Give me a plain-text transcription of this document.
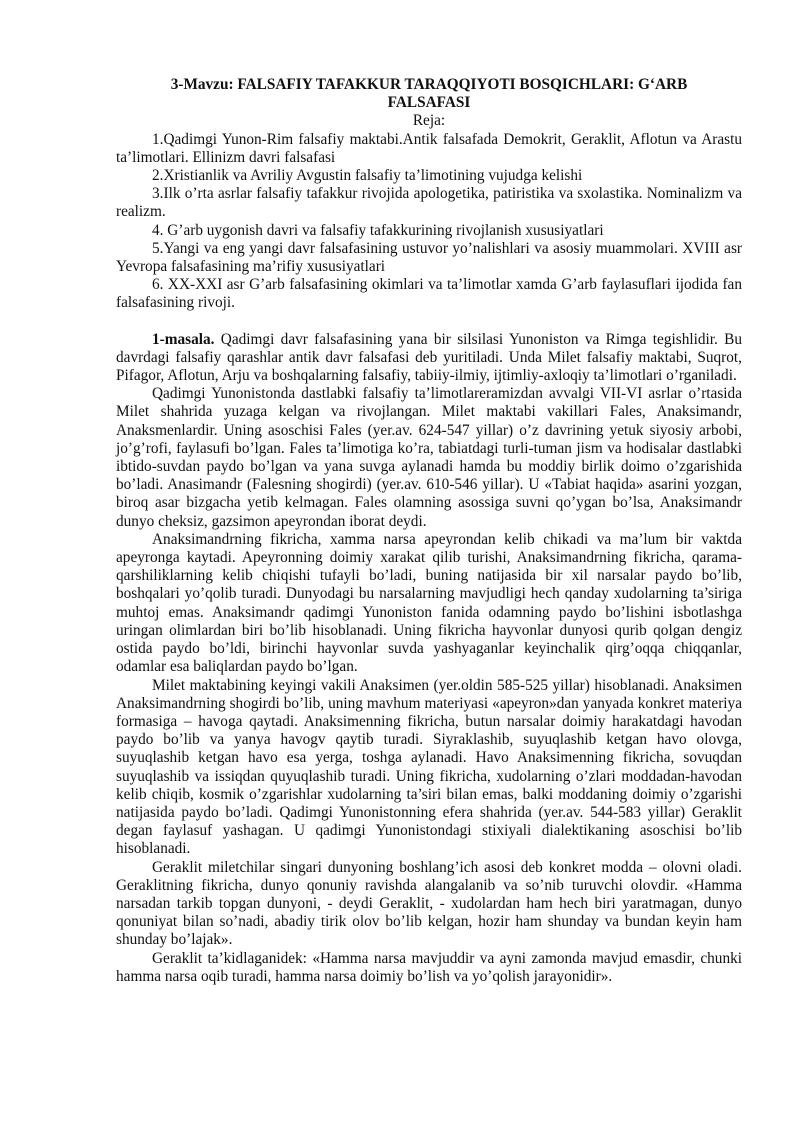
3-Mavzu: FALSAFIY TAFAKKUR TARAQQIYOTI BOSQICHLARI: G‘ARB FALSAFASI
Reja:

1.Qadimgi Yunon-Rim falsafiy maktabi.Antik falsafada Demokrit, Geraklit, Aflotun va Arastu ta’limotlari. Ellinizm davri falsafasi

2.Xristianlik va Avriliy Avgustin falsafiy ta’limotining vujudga kelishi

3.Ilk o’rta asrlar falsafiy tafakkur rivojida apologetika, patiristika va sxolastika. Nominalizm va realizm.

4. G’arb uygonish davri va falsafiy tafakkurining rivojlanish xususiyatlari

5.Yangi va eng yangi davr falsafasining ustuvor yo’nalishlari va asosiy muammolari. XVIII asr Yevropa falsafasining ma’rifiy xususiyatlari

6. XX-XXI asr G’arb falsafasining okimlari va ta’limotlar xamda G’arb faylasuflari ijodida fan falsafasining rivoji.

1-masala. Qadimgi davr falsafasining yana bir silsilasi Yunoniston va Rimga tegishlidir. Bu davrdagi falsafiy qarashlar antik davr falsafasi deb yuritiladi. Unda Milet falsafiy maktabi, Suqrot, Pifagor, Aflotun, Arju va boshqalarning falsafiy, tabiiy-ilmiy, ijtimliy-axloqiy ta’limotlari o’rganiladi.

Qadimgi Yunonistonda dastlabki falsafiy ta’limotlareramizdan avvalgi VII-VI asrlar o’rtasida Milet shahrida yuzaga kelgan va rivojlangan. Milet maktabi vakillari Fales, Anaksimandr, Anaksmenlardir. Uning asoschisi Fales (yer.av. 624-547 yillar) o’z davrining yetuk siyosiy arbobi, jo’g’rofi, faylasufi bo’lgan. Fales ta’limotiga ko’ra, tabiatdagi turli-tuman jism va hodisalar dastlabki ibtido-suvdan paydo bo’lgan va yana suvga aylanadi hamda bu moddiy birlik doimo o’zgarishida bo’ladi. Anasimandr (Falesning shogirdi) (yer.av. 610-546 yillar). U «Tabiat haqida» asarini yozgan, biroq asar bizgacha yetib kelmagan. Fales olamning asossiga suvni qo’ygan bo’lsa, Anaksimandr dunyo cheksiz, gazsimon apeyrondan iborat deydi.

Anaksimandrning fikricha, xamma narsa apeyrondan kelib chikadi va ma’lum bir vaktda apeyronga kaytadi. Apeyronning doimiy xarakat qilib turishi, Anaksimandrning fikricha, qarama-qarshiliklarning kelib chiqishi tufayli bo’ladi, buning natijasida bir xil narsalar paydo bo’lib, boshqalari yo’qolib turadi. Dunyodagi bu narsalarning mavjudligi hech qanday xudolarning ta’siriga muhtoj emas. Anaksimandr qadimgi Yunoniston fanida odamning paydo bo’lishini isbotlashga uringan olimlardan biri bo’lib hisoblanadi. Uning fikricha hayvonlar dunyosi qurib qolgan dengiz ostida paydo bo’ldi, birinchi hayvonlar suvda yashyaganlar keyinchalik qirg’oqqa chiqqanlar, odamlar esa baliqlardan paydo bo’lgan.

Milet maktabining keyingi vakili Anaksimen (yer.oldin 585-525 yillar) hisoblanadi. Anaksimen Anaksimandrning shogirdi bo’lib, uning mavhum materiyasi «apeyron»dan yanyada konkret materiya formasiga – havoga qaytadi. Anaksimenning fikricha, butun narsalar doimiy harakatdagi havodan paydo bo’lib va yanya havogv qaytib turadi. Siyraklashib, suyuqlashib ketgan havo olovga, suyuqlashib ketgan havo esa yerga, toshga aylanadi. Havo Anaksimenning fikricha, sovuqdan suyuqlashib va issiqdan quyuqlashib turadi. Uning fikricha, xudolarning o’zlari moddadan-havodan kelib chiqib, kosmik o’zgarishlar xudolarning ta’siri bilan emas, balki moddaning doimiy o’zgarishi natijasida paydo bo’ladi. Qadimgi Yunonistonning efera shahrida (yer.av. 544-583 yillar) Geraklit degan faylasuf yashagan. U qadimgi Yunonistondagi stixiyali dialektikaning asoschisi bo’lib hisoblanadi.

Geraklit miletchilar singari dunyoning boshlang’ich asosi deb konkret modda – olovni oladi. Geraklitning fikricha, dunyo qonuniy ravishda alangalanib va so’nib turuvchi olovdir. «Hamma narsadan tarkib topgan dunyoni, - deydi Geraklit, - xudolardan ham hech biri yaratmagan, dunyo qonuniyat bilan so’nadi, abadiy tirik olov bo’lib kelgan, hozir ham shunday va bundan keyin ham shunday bo’lajak».

Geraklit ta’kidlaganidek: «Hamma narsa mavjuddir va ayni zamonda mavjud emasdir, chunki hamma narsa oqib turadi, hamma narsa doimiy bo’lish va yo’qolish jarayonidir».
